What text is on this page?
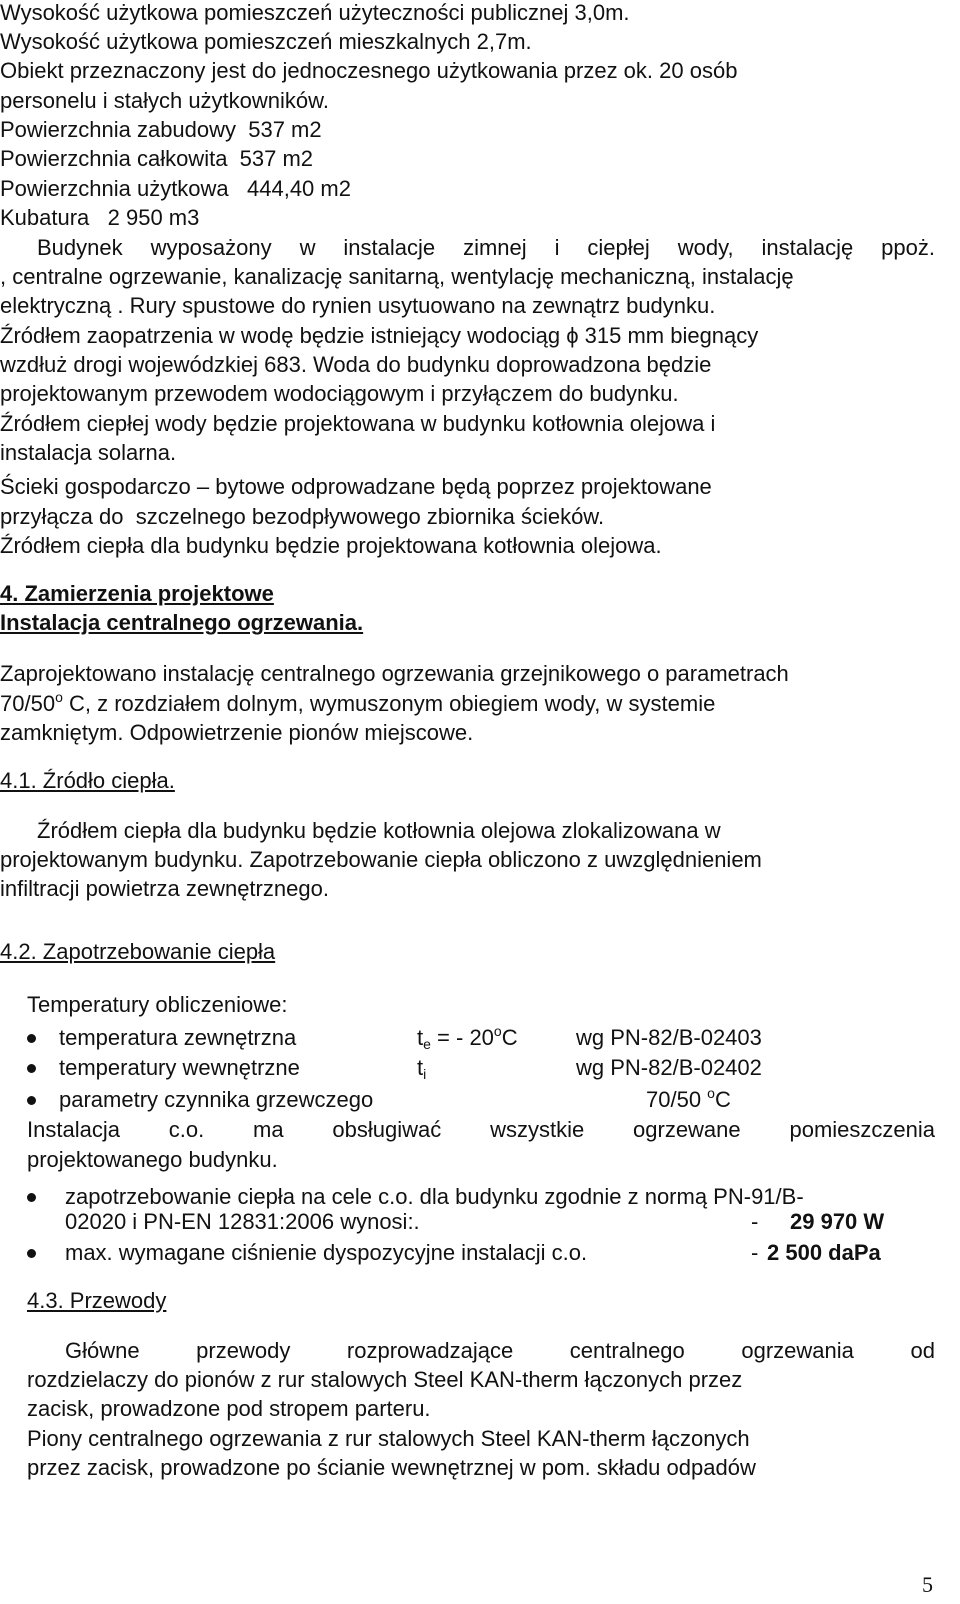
Wysokość użytkowa pomieszczeń użyteczności publicznej 3,0m.
Wysokość użytkowa pomieszczeń mieszkalnych 2,7m.
Obiekt przeznaczony jest do jednoczesnego użytkowania przez ok. 20 osób
personelu i stałych użytkowników.
Powierzchnia zabudowy  537 m2
Powierzchnia całkowita  537 m2
Powierzchnia użytkowa   444,40 m2
Kubatura   2 950 m3
Budynek wyposażony w instalacje zimnej i ciepłej wody, instalację ppoż.
, centralne ogrzewanie, kanalizację sanitarną, wentylację mechaniczną, instalację
elektryczną . Rury spustowe do rynien usytuowano na zewnątrz budynku.
Źródłem zaopatrzenia w wodę będzie istniejący wodociąg ϕ 315 mm biegnący
wzdłuż drogi wojewódzkiej 683. Woda do budynku doprowadzona będzie
projektowanym przewodem wodociągowym i przyłączem do budynku.
Źródłem ciepłej wody będzie projektowana w budynku kotłownia olejowa i
instalacja solarna.
Ścieki gospodarczo – bytowe odprowadzane będą poprzez projektowane
przyłącza do  szczelnego bezodpływowego zbiornika ścieków.
Źródłem ciepła dla budynku będzie projektowana kotłownia olejowa.
4. Zamierzenia projektowe
Instalacja centralnego ogrzewania.
Zaprojektowano instalację centralnego ogrzewania grzejnikowego o parametrach
70/50$^o$ C, z rozdziałem dolnym, wymuszonym obiegiem wody, w systemie
zamkniętym. Odpowietrzenie pionów miejscowe.
4.1. Źródło ciepła.
Źródłem ciepła dla budynku będzie kotłownia olejowa zlokalizowana w
projektowanym budynku. Zapotrzebowanie ciepła obliczono z uwzględnieniem
infiltracji powietrza zewnętrznego.
4.2. Zapotrzebowanie ciepła
Temperatury obliczeniowe:
temperatura zewnętrzna	$t_e$ = - 20$^o$C	wg PN-82/B-02403
temperatury wewnętrzne	$t_i$	wg PN-82/B-02402
parametry czynnika grzewczego	70/50 $^o$C
Instalacja c.o. ma obsługiwać wszystkie ogrzewane pomieszczenia
projektowanego budynku.
zapotrzebowanie ciepła na cele c.o. dla budynku zgodnie z normą PN-91/B-
02020 i PN-EN 12831:2006 wynosi:.	- 29 970 W
max. wymagane ciśnienie dyspozycyjne instalacji c.o.	- 2 500 daPa
4.3. Przewody
Główne	przewody	rozprowadzające	centralnego	ogrzewania	od
rozdzielaczy do pionów z rur stalowych Steel KAN-therm łączonych przez
zacisk, prowadzone pod stropem parteru.
Piony centralnego ogrzewania z rur stalowych Steel KAN-therm łączonych
przez zacisk, prowadzone po ścianie wewnętrznej w pom. składu odpadów
5
